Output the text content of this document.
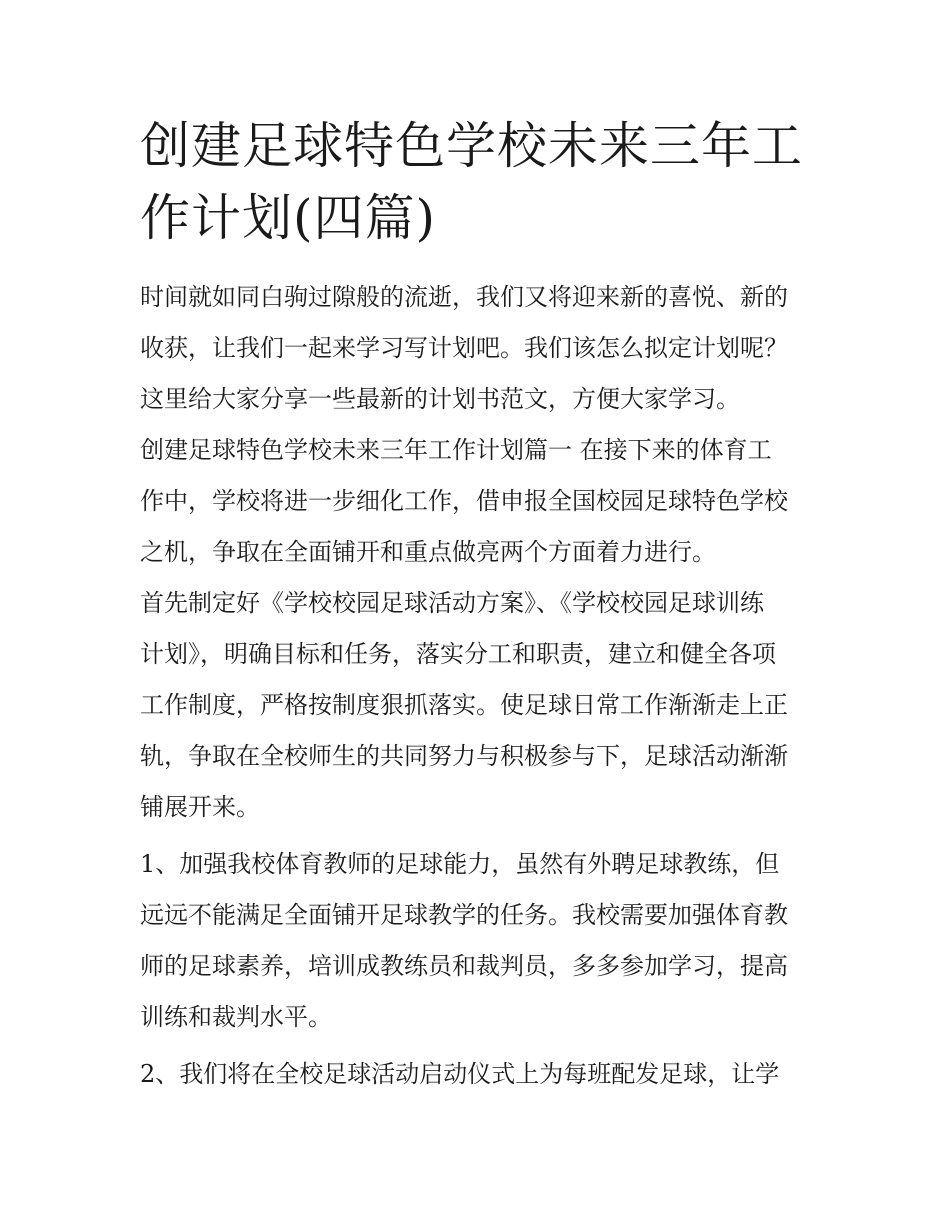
创建足球特色学校未来三年工
作计划(四篇)

时间就如同白驹过隙般的流逝，我们又将迎来新的喜悦、新的
收获，让我们一起来学习写计划吧。我们该怎么拟定计划呢？
这里给大家分享一些最新的计划书范文，方便大家学习。

创建足球特色学校未来三年工作计划篇一 在接下来的体育工
作中，学校将进一步细化工作，借申报全国校园足球特色学校
之机，争取在全面铺开和重点做亮两个方面着力进行。

首先制定好《学校校园足球活动方案》、《学校校园足球训练
计划》，明确目标和任务，落实分工和职责，建立和健全各项
工作制度，严格按制度狠抓落实。使足球日常工作渐渐走上正
轨，争取在全校师生的共同努力与积极参与下，足球活动渐渐
铺展开来。

1、加强我校体育教师的足球能力，虽然有外聘足球教练，但
远远不能满足全面铺开足球教学的任务。我校需要加强体育教
师的足球素养，培训成教练员和裁判员，多多参加学习，提高
训练和裁判水平。

2、我们将在全校足球活动启动仪式上为每班配发足球，让学
